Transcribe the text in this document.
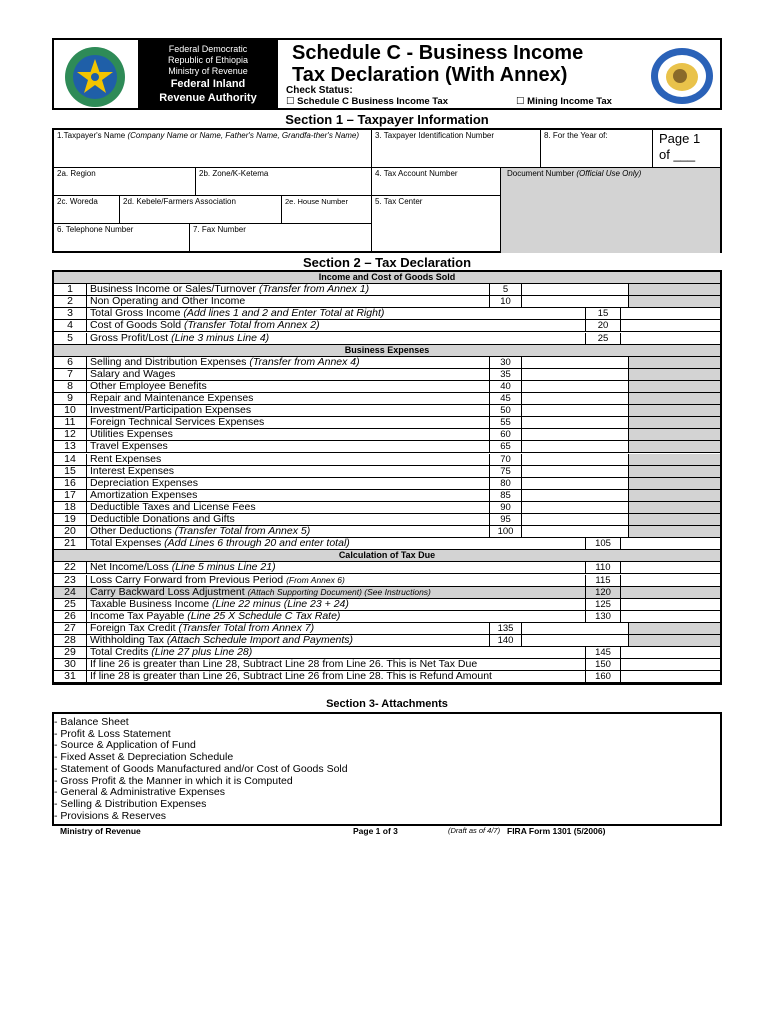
Federal Democratic
Republic of Ethiopia
Ministry of Revenue
Federal Inland
Revenue Authority
Schedule C - Business Income
Tax Declaration (With Annex)
Check Status:
☐ Schedule C Business Income Tax	☐ Mining Income Tax
Section 1 – Taxpayer Information
1.Taxpayer's Name (Company Name or Name, Father's Name, Grandfa-ther's Name)	3. Taxpayer Identification Number	8. For the Year of:	Page 1
of ___
2a. Region	2b. Zone/K-Ketema	4. Tax Account Number	Document Number (Official Use Only)
2c. Woreda	2d. Kebele/Farmers Association	2e. House Number	5. Tax Center
6. Telephone Number	7. Fax Number
Section 2 – Tax Declaration
Income and Cost of Goods Sold
1	Business Income or Sales/Turnover (Transfer from Annex 1)	5
2	Non Operating and Other Income	10
3	Total Gross Income (Add lines 1 and 2 and Enter Total at Right)	15
4	Cost of Goods Sold (Transfer Total from Annex 2)	20
5	Gross Profit/Lost (Line 3 minus Line 4)	25
Business Expenses
6	Selling and Distribution Expenses (Transfer from Annex 4)	30
7	Salary and Wages	35
8	Other Employee Benefits	40
9	Repair and Maintenance Expenses	45
10	Investment/Participation Expenses	50
11	Foreign Technical Services Expenses	55
12	Utilities Expenses	60
13	Travel Expenses	65
14	Rent Expenses	70
15	Interest Expenses	75
16	Depreciation Expenses	80
17	Amortization Expenses	85
18	Deductible Taxes and License Fees	90
19	Deductible Donations and Gifts	95
20	Other Deductions (Transfer Total from Annex 5)	100
21	Total Expenses (Add Lines 6 through 20 and enter total)	105
Calculation of Tax Due
22	Net Income/Loss (Line 5 minus Line 21)	110
23	Loss Carry Forward from Previous Period (From Annex 6)	115
24	Carry Backward Loss Adjustment (Attach Supporting Document) (See Instructions)	120
25	Taxable Business Income (Line 22 minus (Line 23 + 24)	125
26	Income Tax Payable (Line 25 X Schedule C Tax Rate)	130
27	Foreign Tax Credit (Transfer Total from Annex 7)	135
28	Withholding Tax (Attach Schedule Import and Payments)	140
29	Total Credits (Line 27 plus Line 28)	145
30	If line 26 is greater than Line 28, Subtract Line 28 from Line 26. This is Net Tax Due	150
31	If line 28 is greater than Line 26, Subtract Line 26 from Line 28. This is Refund Amount	160
Section 3- Attachments
- Balance Sheet
- Profit & Loss Statement
- Source & Application of Fund
- Fixed Asset & Depreciation Schedule
- Statement of Goods Manufactured and/or Cost of Goods Sold
- Gross Profit & the Manner in which it is Computed
- General & Administrative Expenses
- Selling & Distribution Expenses
- Provisions & Reserves
Ministry of Revenue	Page 1 of 3	(Draft as of 4/7) FIRA Form 1301 (5/2006)
